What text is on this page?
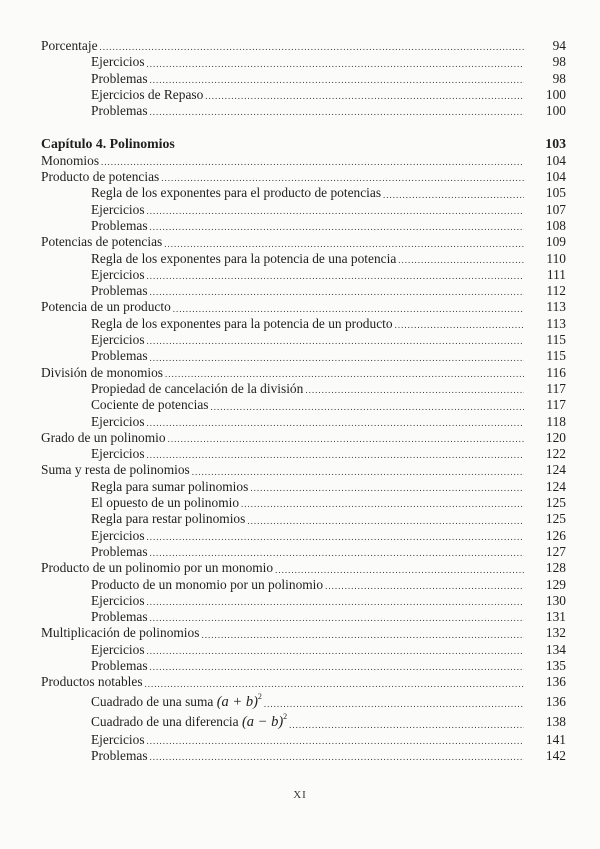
Porcentaje .....	94
Ejercicios .....	98
Problemas .....	98
Ejercicios de Repaso .....	100
Problemas .....	100
Capítulo 4. Polinomios	103
Monomios .....	104
Producto de potencias .....	104
Regla de los exponentes para el producto de potencias .....	105
Ejercicios .....	107
Problemas .....	108
Potencias de potencias .....	109
Regla de los exponentes para la potencia de una potencia .....	110
Ejercicios .....	111
Problemas .....	112
Potencia de un producto .....	113
Regla de los exponentes para la potencia de un producto .....	113
Ejercicios .....	115
Problemas .....	115
División de monomios .....	116
Propiedad de cancelación de la división .....	117
Cociente de potencias .....	117
Ejercicios .....	118
Grado de un polinomio .....	120
Ejercicios .....	122
Suma y resta de polinomios .....	124
Regla para sumar polinomios .....	124
El opuesto de un polinomio .....	125
Regla para restar polinomios .....	125
Ejercicios .....	126
Problemas .....	127
Producto de un polinomio por un monomio .....	128
Producto de un monomio por un polinomio .....	129
Ejercicios .....	130
Problemas .....	131
Multiplicación de polinomios .....	132
Ejercicios .....	134
Problemas .....	135
Productos notables .....	136
Cuadrado de una suma $(a + b)^2$ .....	136
Cuadrado de una diferencia $(a - b)^2$ .....	138
Ejercicios .....	141
Problemas .....	142
XI
